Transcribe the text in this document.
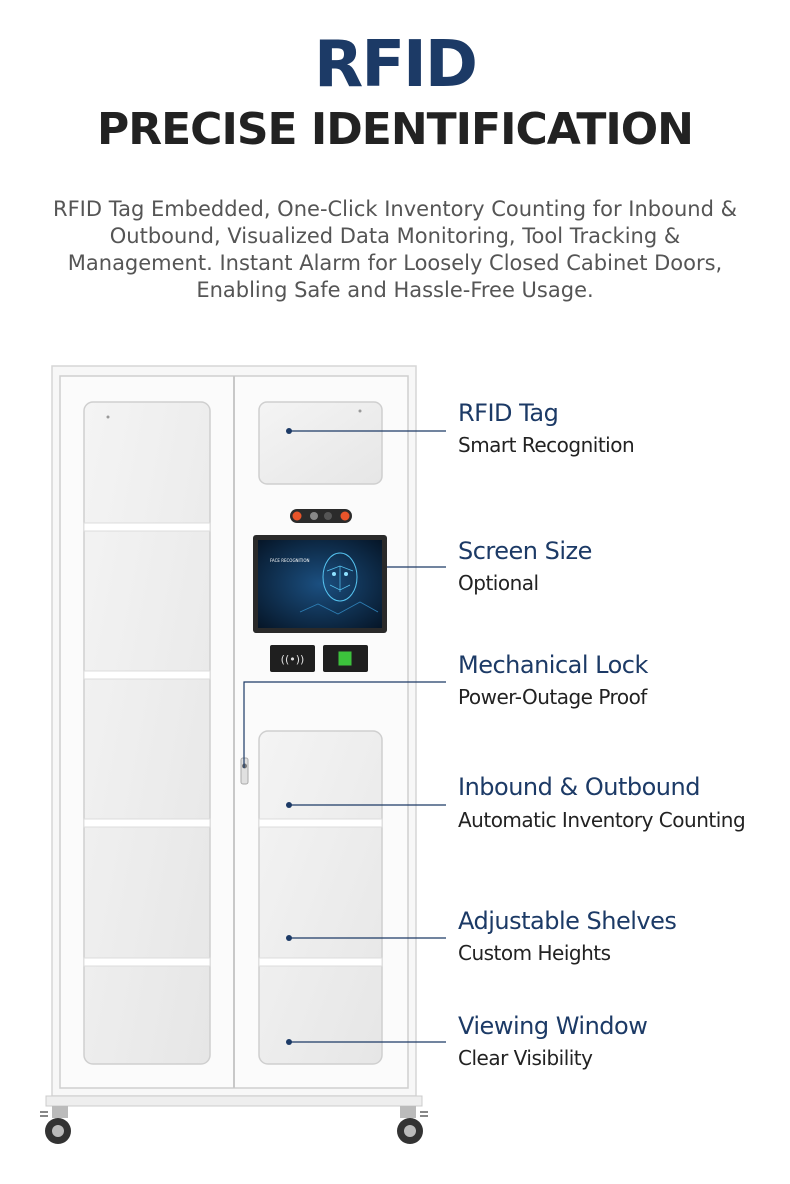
RFID
PRECISE IDENTIFICATION
RFID Tag Embedded, One-Click Inventory Counting for Inbound &
Outbound, Visualized Data Monitoring, Tool Tracking &
Management. Instant Alarm for Loosely Closed Cabinet Doors,
Enabling Safe and Hassle-Free Usage.
FACE RECOGNITION
((•))
RFID Tag
Smart Recognition
Screen Size
Optional
Mechanical Lock
Power-Outage Proof
Inbound & Outbound
Automatic Inventory Counting
Adjustable Shelves
Custom Heights
Viewing Window
Clear Visibility
